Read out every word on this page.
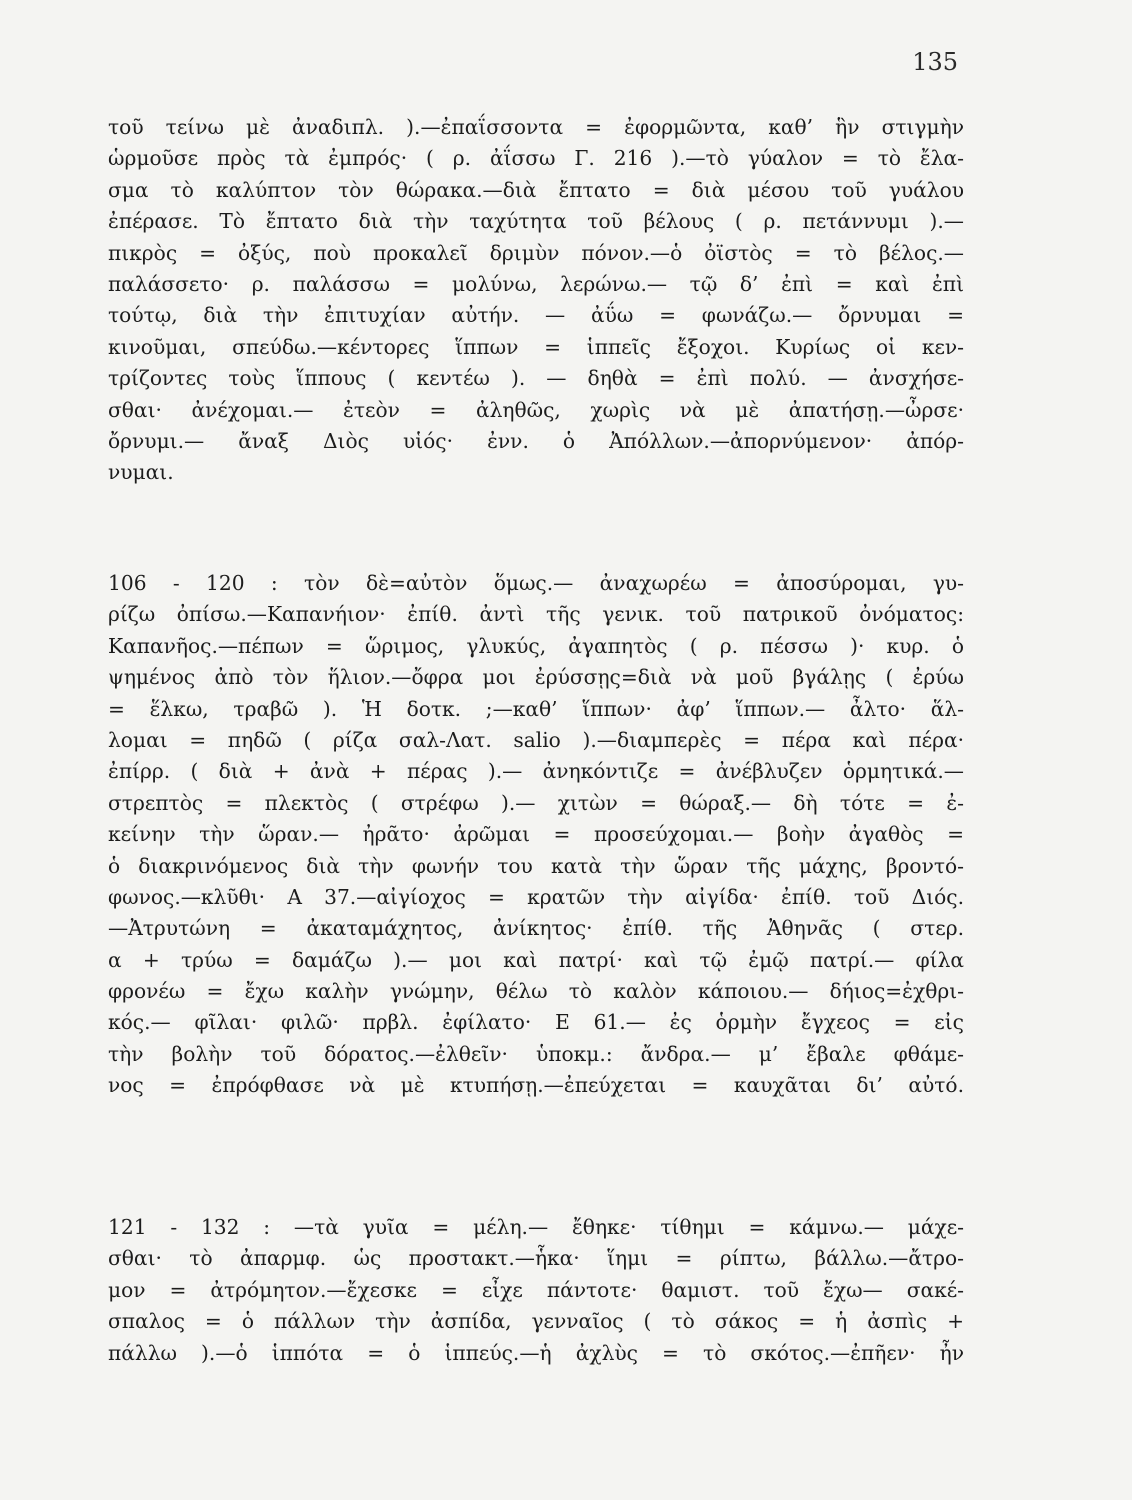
135
τοῦ τείνω μὲ ἀναδιπλ. ).—ἐπαΐσσοντα = ἐφορμῶντα, καθ’ ἣν στιγμὴν
ὡρμοῦσε πρὸς τὰ ἐμπρός· ( ρ. ἀΐσσω Γ. 216 ).—τὸ γύαλον = τὸ ἔλα-
σμα τὸ καλύπτον τὸν θώρακα.—διὰ ἔπτατο = διὰ μέσου τοῦ γυάλου
ἐπέρασε. Τὸ ἔπτατο διὰ τὴν ταχύτητα τοῦ βέλους ( ρ. πετάννυμι ).—
πικρὸς = ὀξύς, ποὺ προκαλεῖ δριμὺν πόνον.—ὁ ὀϊστὸς = τὸ βέλος.—
παλάσσετο· ρ. παλάσσω = μολύνω, λερώνω.— τῷ δ’ ἐπὶ = καὶ ἐπὶ
τούτῳ, διὰ τὴν ἐπιτυχίαν αὐτήν. — ἀΰω = φωνάζω.— ὄρνυμαι =
κινοῦμαι, σπεύδω.—κέντορες ἵππων = ἱππεῖς ἔξοχοι. Κυρίως οἱ κεν-
τρίζοντες τοὺς ἵππους ( κεντέω ). — δηθὰ = ἐπὶ πολύ. — ἀνσχήσε-
σθαι· ἀνέχομαι.— ἐτεὸν = ἀληθῶς, χωρὶς νὰ μὲ ἀπατήσῃ.—ὦρσε·
ὄρνυμι.— ἄναξ Διὸς υἱός· ἐνν. ὁ Ἀπόλλων.—ἀπορνύμενον· ἀπόρ-
νυμαι.
106 - 120 : τὸν δὲ=αὐτὸν ὅμως.— ἀναχωρέω = ἀποσύρομαι, γυ-
ρίζω ὀπίσω.—Καπανήιον· ἐπίθ. ἀντὶ τῆς γενικ. τοῦ πατρικοῦ ὀνόματος:
Καπανῆος.—πέπων = ὥριμος, γλυκύς, ἀγαπητὸς ( ρ. πέσσω )· κυρ. ὁ
ψημένος ἀπὸ τὸν ἥλιον.—ὄφρα μοι ἐρύσσῃς=διὰ νὰ μοῦ βγάλῃς ( ἐρύω
= ἕλκω, τραβῶ ). Ἡ δοτκ. ;—καθ’ ἵππων· ἀφ’ ἵππων.— ἆλτο· ἅλ-
λομαι = πηδῶ ( ρίζα σαλ-Λατ. salio ).—διαμπερὲς = πέρα καὶ πέρα·
ἐπίρρ. ( διὰ + ἀνὰ + πέρας ).— ἀνηκόντιζε = ἀνέβλυζεν ὁρμητικά.—
στρεπτὸς = πλεκτὸς ( στρέφω ).— χιτὼν = θώραξ.— δὴ τότε = ἐ-
κείνην τὴν ὥραν.— ἠρᾶτο· ἀρῶμαι = προσεύχομαι.— βοὴν ἀγαθὸς =
ὁ διακρινόμενος διὰ τὴν φωνήν του κατὰ τὴν ὥραν τῆς μάχης, βροντό-
φωνος.—κλῦθι· Α 37.—αἰγίοχος = κρατῶν τὴν αἰγίδα· ἐπίθ. τοῦ Διός.
—Ἀτρυτώνη = ἀκαταμάχητος, ἀνίκητος· ἐπίθ. τῆς Ἀθηνᾶς ( στερ.
α + τρύω = δαμάζω ).— μοι καὶ πατρί· καὶ τῷ ἐμῷ πατρί.— φίλα
φρονέω = ἔχω καλὴν γνώμην, θέλω τὸ καλὸν κάποιου.— δήιος=ἐχθρι-
κός.— φῖλαι· φιλῶ· πρβλ. ἐφίλατο· Ε 61.— ἐς ὁρμὴν ἔγχεος = εἰς
τὴν βολὴν τοῦ δόρατος.—ἐλθεῖν· ὑποκμ.: ἄνδρα.— μ’ ἔβαλε φθάμε-
νος = ἐπρόφθασε νὰ μὲ κτυπήσῃ.—ἐπεύχεται = καυχᾶται δι’ αὐτό.
121 - 132 : —τὰ γυῖα = μέλη.— ἔθηκε· τίθημι = κάμνω.— μάχε-
σθαι· τὸ ἀπαρμφ. ὡς προστακτ.—ἧκα· ἵημι = ρίπτω, βάλλω.—ἄτρο-
μον = ἀτρόμητον.—ἔχεσκε = εἶχε πάντοτε· θαμιστ. τοῦ ἔχω— σακέ-
σπαλος = ὁ πάλλων τὴν ἀσπίδα, γενναῖος ( τὸ σάκος = ἡ ἀσπὶς +
πάλλω ).—ὁ ἱππότα = ὁ ἱππεύς.—ἡ ἀχλὺς = τὸ σκότος.—ἐπῆεν· ἦν
